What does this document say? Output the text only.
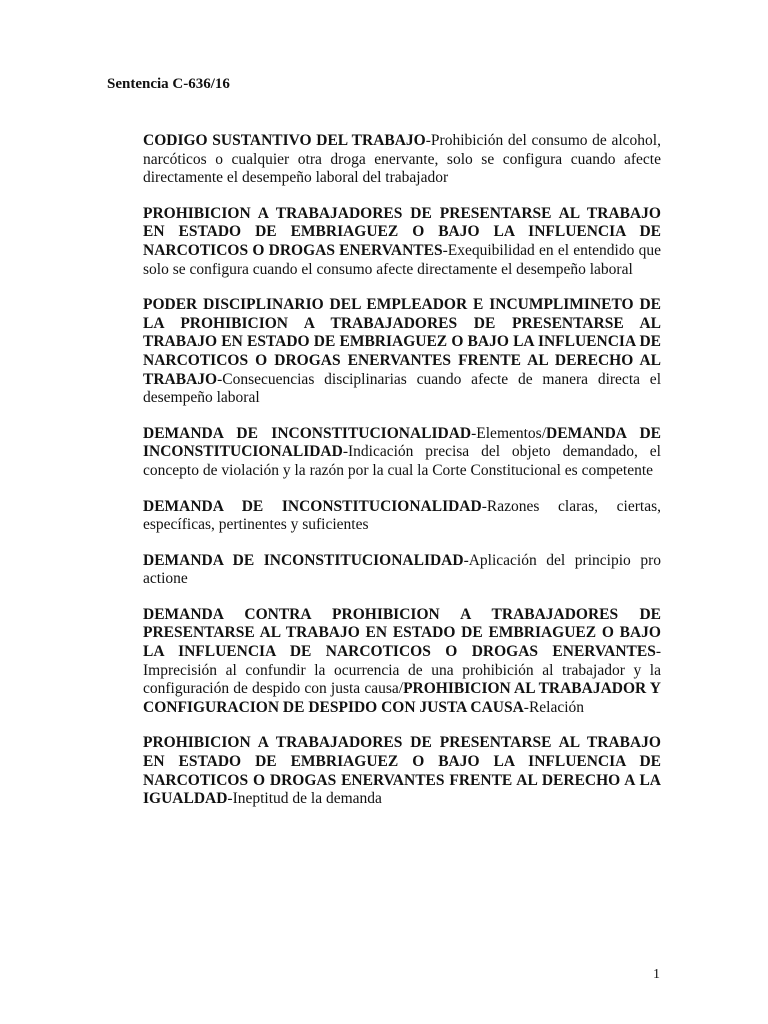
Sentencia C-636/16

CODIGO SUSTANTIVO DEL TRABAJO-Prohibición del consumo de alcohol, narcóticos o cualquier otra droga enervante, solo se configura cuando afecte directamente el desempeño laboral del trabajador

PROHIBICION A TRABAJADORES DE PRESENTARSE AL TRABAJO EN ESTADO DE EMBRIAGUEZ O BAJO LA INFLUENCIA DE NARCOTICOS O DROGAS ENERVANTES-Exequibilidad en el entendido que solo se configura cuando el consumo afecte directamente el desempeño laboral

PODER DISCIPLINARIO DEL EMPLEADOR E INCUMPLIMINETO DE LA PROHIBICION A TRABAJADORES DE PRESENTARSE AL TRABAJO EN ESTADO DE EMBRIAGUEZ O BAJO LA INFLUENCIA DE NARCOTICOS O DROGAS ENERVANTES FRENTE AL DERECHO AL TRABAJO-Consecuencias disciplinarias cuando afecte de manera directa el desempeño laboral

DEMANDA DE INCONSTITUCIONALIDAD-Elementos/DEMANDA DE INCONSTITUCIONALIDAD-Indicación precisa del objeto demandado, el concepto de violación y la razón por la cual la Corte Constitucional es competente

DEMANDA DE INCONSTITUCIONALIDAD-Razones claras, ciertas, específicas, pertinentes y suficientes

DEMANDA DE INCONSTITUCIONALIDAD-Aplicación del principio pro actione

DEMANDA CONTRA PROHIBICION A TRABAJADORES DE PRESENTARSE AL TRABAJO EN ESTADO DE EMBRIAGUEZ O BAJO LA INFLUENCIA DE NARCOTICOS O DROGAS ENERVANTES-Imprecisión al confundir la ocurrencia de una prohibición al trabajador y la configuración de despido con justa causa/PROHIBICION AL TRABAJADOR Y CONFIGURACION DE DESPIDO CON JUSTA CAUSA-Relación

PROHIBICION A TRABAJADORES DE PRESENTARSE AL TRABAJO EN ESTADO DE EMBRIAGUEZ O BAJO LA INFLUENCIA DE NARCOTICOS O DROGAS ENERVANTES FRENTE AL DERECHO A LA IGUALDAD-Ineptitud de la demanda

1
